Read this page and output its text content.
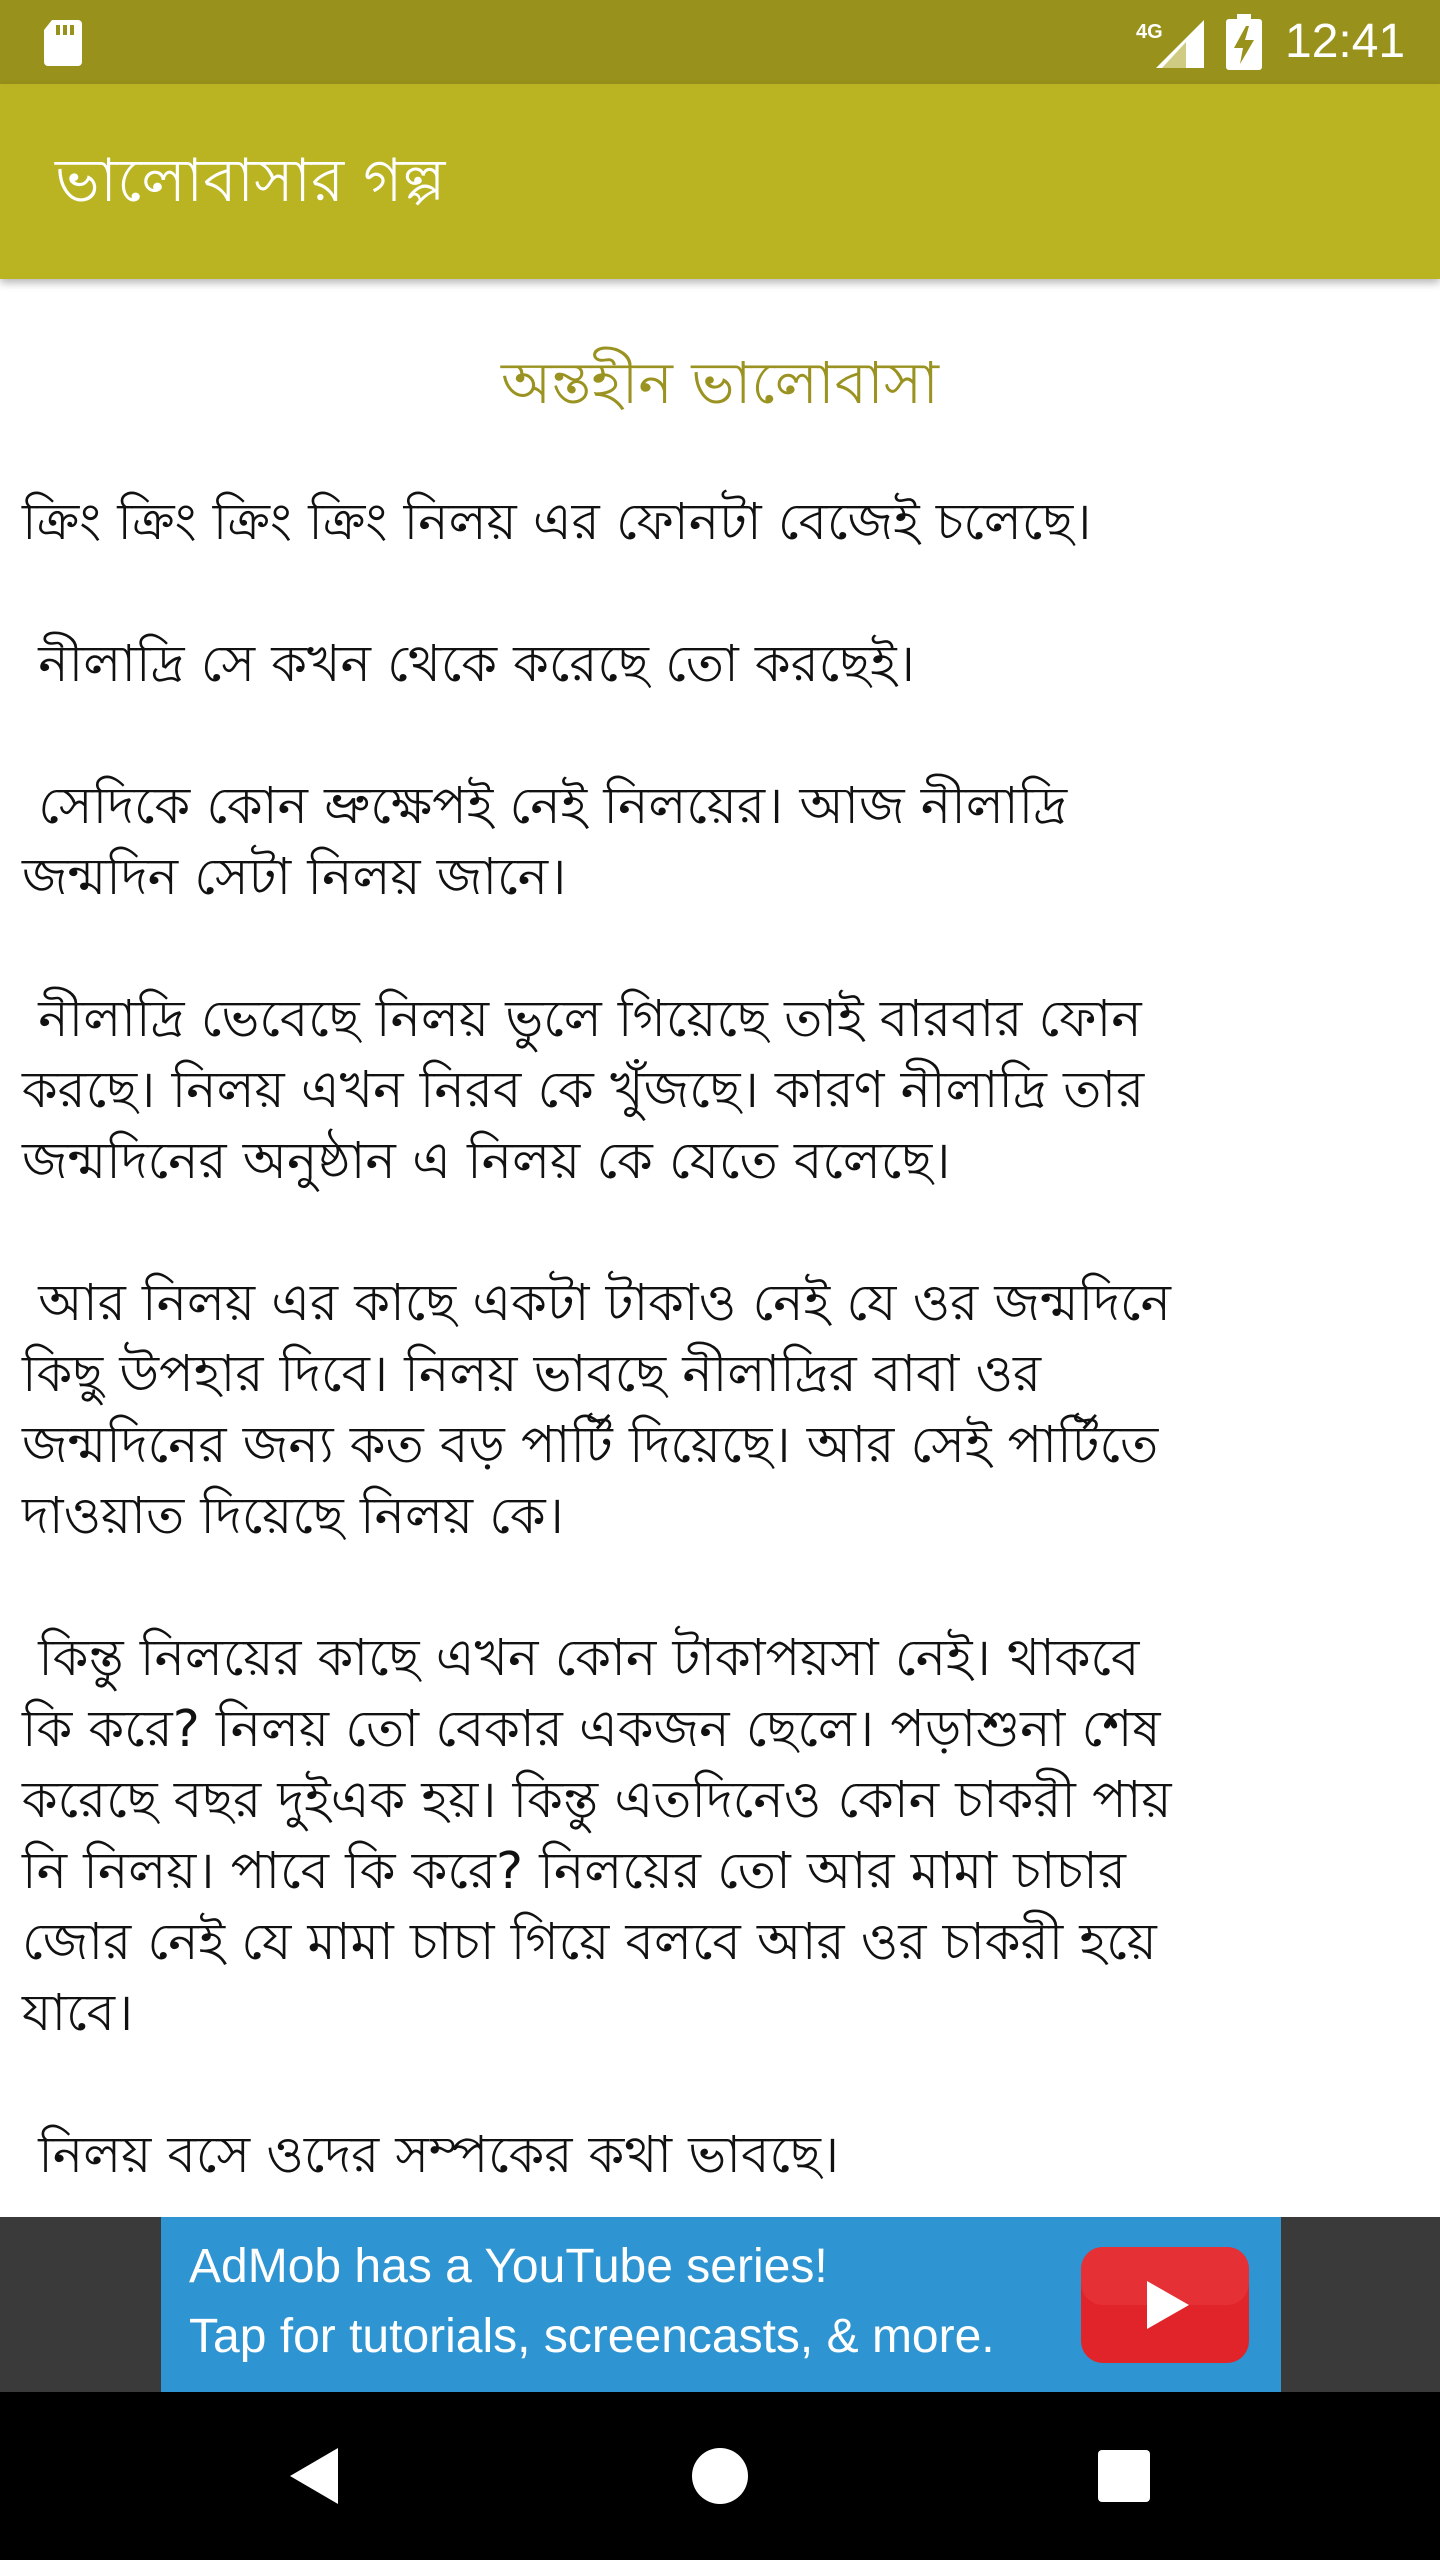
4G	12:41
ভালোবাসার গল্প
অন্তহীন ভালোবাসা

ক্রিং ক্রিং ক্রিং ক্রিং নিলয় এর ফোনটা বেজেই চলেছে।

নীলাদ্রি সে কখন থেকে করেছে তো করছেই।

সেদিকে কোন ভ্রুক্ষেপই নেই নিলয়ের। আজ নীলাদ্রি
জন্মদিন সেটা নিলয় জানে।

নীলাদ্রি ভেবেছে নিলয় ভুলে গিয়েছে তাই বারবার ফোন
করছে। নিলয় এখন নিরব কে খুঁজছে। কারণ নীলাদ্রি তার
জন্মদিনের অনুষ্ঠান এ নিলয় কে যেতে বলেছে।

আর নিলয় এর কাছে একটা টাকাও নেই যে ওর জন্মদিনে
কিছু উপহার দিবে। নিলয় ভাবছে নীলাদ্রির বাবা ওর
জন্মদিনের জন্য কত বড় পার্টি দিয়েছে। আর সেই পার্টিতে
দাওয়াত দিয়েছে নিলয় কে।

কিন্তু নিলয়ের কাছে এখন কোন টাকাপয়সা নেই। থাকবে
কি করে? নিলয় তো বেকার একজন ছেলে। পড়াশুনা শেষ
করেছে বছর দুইএক হয়। কিন্তু এতদিনেও কোন চাকরী পায়
নি নিলয়। পাবে কি করে? নিলয়ের তো আর মামা চাচার
জোর নেই যে মামা চাচা গিয়ে বলবে আর ওর চাকরী হয়ে
যাবে।

নিলয় বসে ওদের সম্পকের কথা ভাবছে।

AdMob has a YouTube series!
Tap for tutorials, screencasts, & more.
